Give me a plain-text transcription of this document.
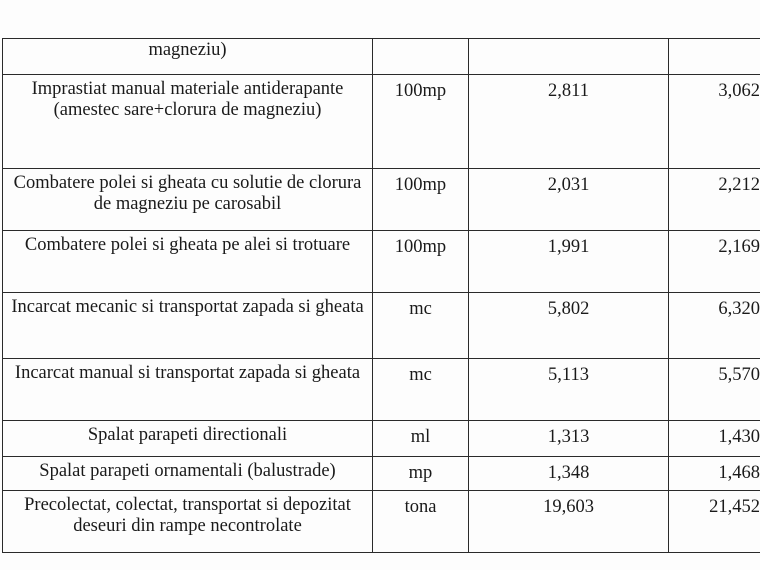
magneziu)			
Imprastiat manual materiale antiderapante (amestec sare+clorura de magneziu)	100mp	2,811	3,062
Combatere polei si gheata cu solutie de clorura de magneziu pe carosabil	100mp	2,031	2,212
Combatere polei si gheata pe alei si trotuare	100mp	1,991	2,169
Incarcat mecanic si transportat zapada si gheata	mc	5,802	6,320
Incarcat manual si transportat zapada si gheata	mc	5,113	5,570
Spalat parapeti directionali	ml	1,313	1,430
Spalat parapeti ornamentali (balustrade)	mp	1,348	1,468
Precolectat, colectat, transportat si depozitat deseuri din rampe necontrolate	tona	19,603	21,452
